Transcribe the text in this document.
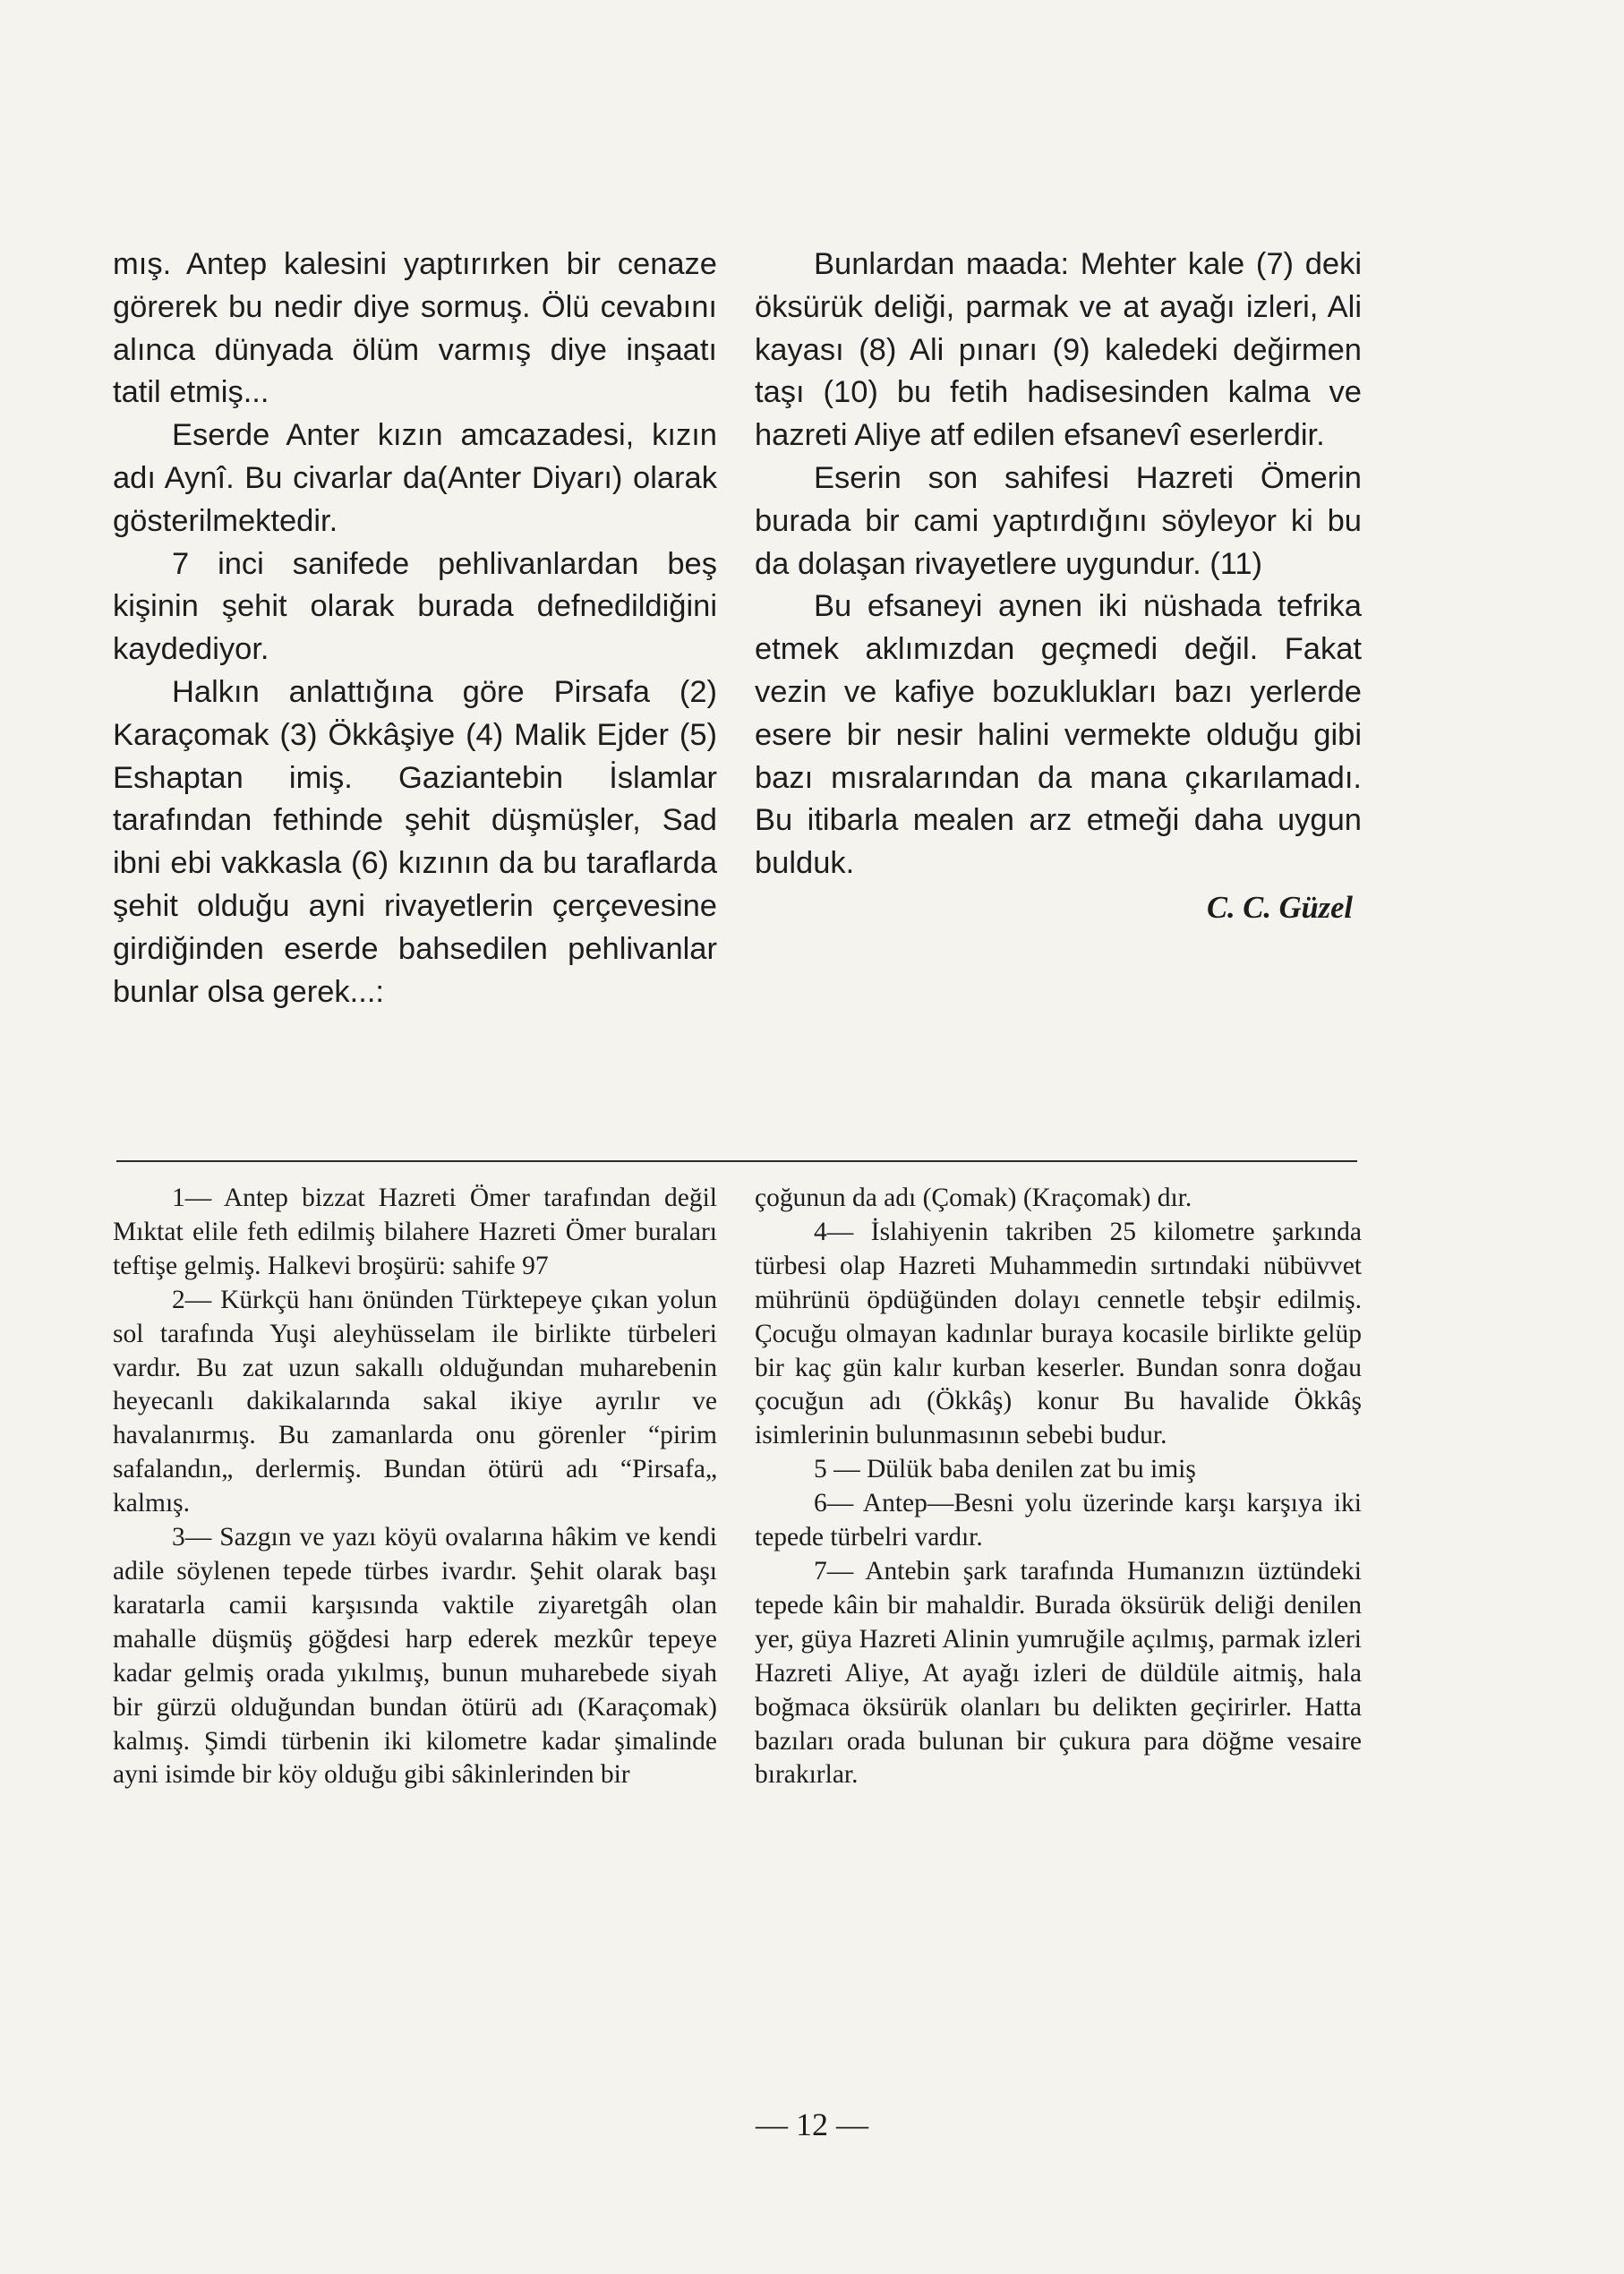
mış. Antep kalesini yaptırırken bir cenaze görerek bu nedir diye sormuş. Ölü cevabını alınca dünyada ölüm varmış diye inşaatı tatil etmiş...

Eserde Anter kızın amcazadesi, kızın adı Aynî. Bu civarlar da(Anter Diyarı) olarak gösterilmektedir.

7 inci sanifede pehlivanlardan beş kişinin şehit olarak burada defnedildiğini kaydediyor.

Halkın anlattığına göre Pirsafa (2) Karaçomak (3) Ökkâşiye (4) Malik Ejder (5) Eshaptan imiş. Gaziantebin İslamlar tarafından fethinde şehit düşmüşler, Sad ibni ebi vakkasla (6) kızının da bu taraflarda şehit olduğu ayni rivayetlerin çerçevesine girdiğinden eserde bahsedilen pehlivanlar bunlar olsa gerek...:

Bunlardan maada: Mehter kale (7) deki öksürük deliği, parmak ve at ayağı izleri, Ali kayası (8) Ali pınarı (9) kaledeki değirmen taşı (10) bu fetih hadisesinden kalma ve hazreti Aliye atf edilen efsanevî eserlerdir.

Eserin son sahifesi Hazreti Ömerin burada bir cami yaptırdığını söyleyor ki bu da dolaşan rivayetlere uygundur. (11)

Bu efsaneyi aynen iki nüshada tefrika etmek aklımızdan geçmedi değil. Fakat vezin ve kafiye bozuklukları bazı yerlerde esere bir nesir halini vermekte olduğu gibi bazı mısralarından da mana çıkarılamadı. Bu itibarla mealen arz etmeği daha uygun bulduk.

C. C. Güzel

1— Antep bizzat Hazreti Ömer tarafından değil Mıktat elile feth edilmiş bilahere Hazreti Ömer buraları teftişe gelmiş. Halkevi broşürü: sahife 97

2— Kürkçü hanı önünden Türktepeye çıkan yolun sol tarafında Yuşi aleyhüsselam ile birlikte türbeleri vardır. Bu zat uzun sakallı olduğundan muharebenin heyecanlı dakikalarında sakal ikiye ayrılır ve havalanırmış. Bu zamanlarda onu görenler “pirim safalandın„ derlermiş. Bundan ötürü adı “Pirsafa„ kalmış.

3— Sazgın ve yazı köyü ovalarına hâkim ve kendi adile söylenen tepede türbes ivardır. Şehit olarak başı karatarla camii karşısında vaktile ziyaretgâh olan mahalle düşmüş göğdesi harp ederek mezkûr tepeye kadar gelmiş orada yıkılmış, bunun muharebede siyah bir gürzü olduğundan bundan ötürü adı (Karaçomak) kalmış. Şimdi türbenin iki kilometre kadar şimalinde ayni isimde bir köy olduğu gibi sâkinlerinden bir

çoğunun da adı (Çomak) (Kraçomak) dır.

4— İslahiyenin takriben 25 kilometre şarkında türbesi olap Hazreti Muhammedin sırtındaki nübüvvet mührünü öpdüğünden dolayı cennetle tebşir edilmiş. Çocuğu olmayan kadınlar buraya kocasile birlikte gelüp bir kaç gün kalır kurban keserler. Bundan sonra doğau çocuğun adı (Ökkâş) konur Bu havalide Ökkâş isimlerinin bulunmasının sebebi budur.

5 — Dülük baba denilen zat bu imiş

6— Antep—Besni yolu üzerinde karşı karşıya iki tepede türbelri vardır.

7— Antebin şark tarafında Humanızın üztündeki tepede kâin bir mahaldir. Burada öksürük deliği denilen yer, güya Hazreti Alinin yumruğile açılmış, parmak izleri Hazreti Aliye, At ayağı izleri de düldüle aitmiş, hala boğmaca öksürük olanları bu delikten geçirirler. Hatta bazıları orada bulunan bir çukura para döğme vesaire bırakırlar.

— 12 —
